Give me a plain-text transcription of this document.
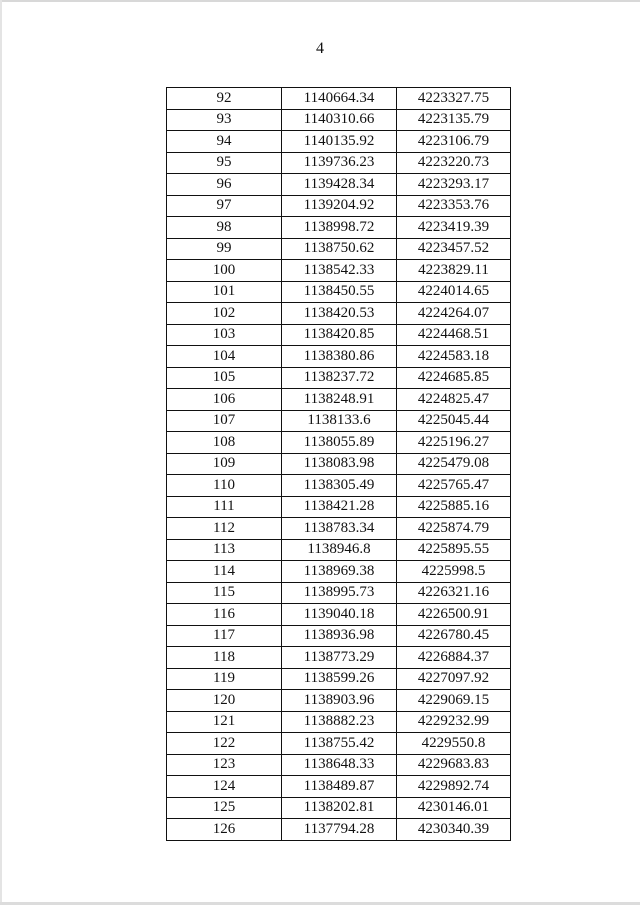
4
92	1140664.34	4223327.75
93	1140310.66	4223135.79
94	1140135.92	4223106.79
95	1139736.23	4223220.73
96	1139428.34	4223293.17
97	1139204.92	4223353.76
98	1138998.72	4223419.39
99	1138750.62	4223457.52
100	1138542.33	4223829.11
101	1138450.55	4224014.65
102	1138420.53	4224264.07
103	1138420.85	4224468.51
104	1138380.86	4224583.18
105	1138237.72	4224685.85
106	1138248.91	4224825.47
107	1138133.6	4225045.44
108	1138055.89	4225196.27
109	1138083.98	4225479.08
110	1138305.49	4225765.47
111	1138421.28	4225885.16
112	1138783.34	4225874.79
113	1138946.8	4225895.55
114	1138969.38	4225998.5
115	1138995.73	4226321.16
116	1139040.18	4226500.91
117	1138936.98	4226780.45
118	1138773.29	4226884.37
119	1138599.26	4227097.92
120	1138903.96	4229069.15
121	1138882.23	4229232.99
122	1138755.42	4229550.8
123	1138648.33	4229683.83
124	1138489.87	4229892.74
125	1138202.81	4230146.01
126	1137794.28	4230340.39
